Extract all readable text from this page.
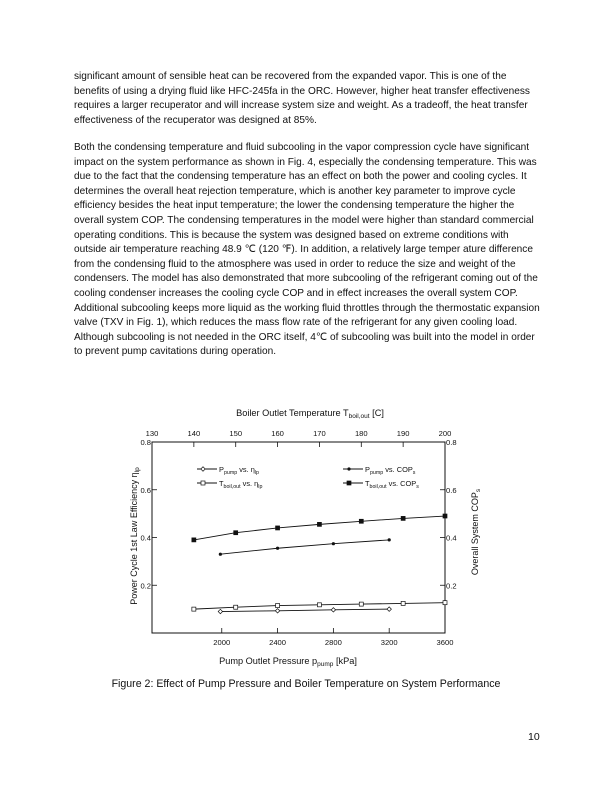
significant amount of sensible heat can be recovered from the expanded vapor. This is one of the benefits of using a drying fluid like HFC-245fa in the ORC. However, higher heat transfer effectiveness requires a larger recuperator and will increase system size and weight. As a tradeoff, the heat transfer effectiveness of the recuperator was designed at 85%.

Both the condensing temperature and fluid subcooling in the vapor compression cycle have significant impact on the system performance as shown in Fig. 4, especially the condensing temperature. This was due to the fact that the condensing temperature has an effect on both the power and cooling cycles. It determines the overall heat rejection temperature, which is another key parameter to improve cycle efficiency besides the heat input temperature; the lower the condensing temperature the higher the overall system COP. The condensing temperatures in the model were higher than standard commercial operating conditions. This is because the system was designed based on extreme conditions with outside air temperature reaching 48.9 ℃ (120 ℉). In addition, a relatively large temper ature difference from the condensing fluid to the atmosphere was used in order to reduce the size and weight of the condensers. The model has also demonstrated that more subcooling of the refrigerant coming out of the cooling condenser increases the cooling cycle COP and in effect increases the overall system COP. Additional subcooling keeps more liquid as the working fluid throttles through the thermostatic expansion valve (TXV in Fig. 1), which reduces the mass flow rate of the refrigerant for any given cooling load. Although subcooling is not needed in the ORC itself, 4℃ of subcooling was built into the model in order to prevent pump cavitations during operation.

2000	2400	2800	3200	3600
130	140	150	160	170	180	190	200
0.2
0.4
0.6
0.8
0.2
0.4
0.6
0.8
$P_{pump}$ vs. $\eta_{lp}$
$T_{boil,out}$ vs. $\eta_{lp}$
$P_{pump}$ vs. $COP_s$
$T_{boil,out}$ vs. $COP_s$
Boiler Outlet Temperature $T_{boil,out}$ [C]
Pump Outlet Pressure $p_{pump}$ [kPa]
Power Cycle 1st Law Efficiency $\eta_{lp}$
Overall System $COP_s$
Figure 2: Effect of Pump Pressure and Boiler Temperature on System Performance
10
